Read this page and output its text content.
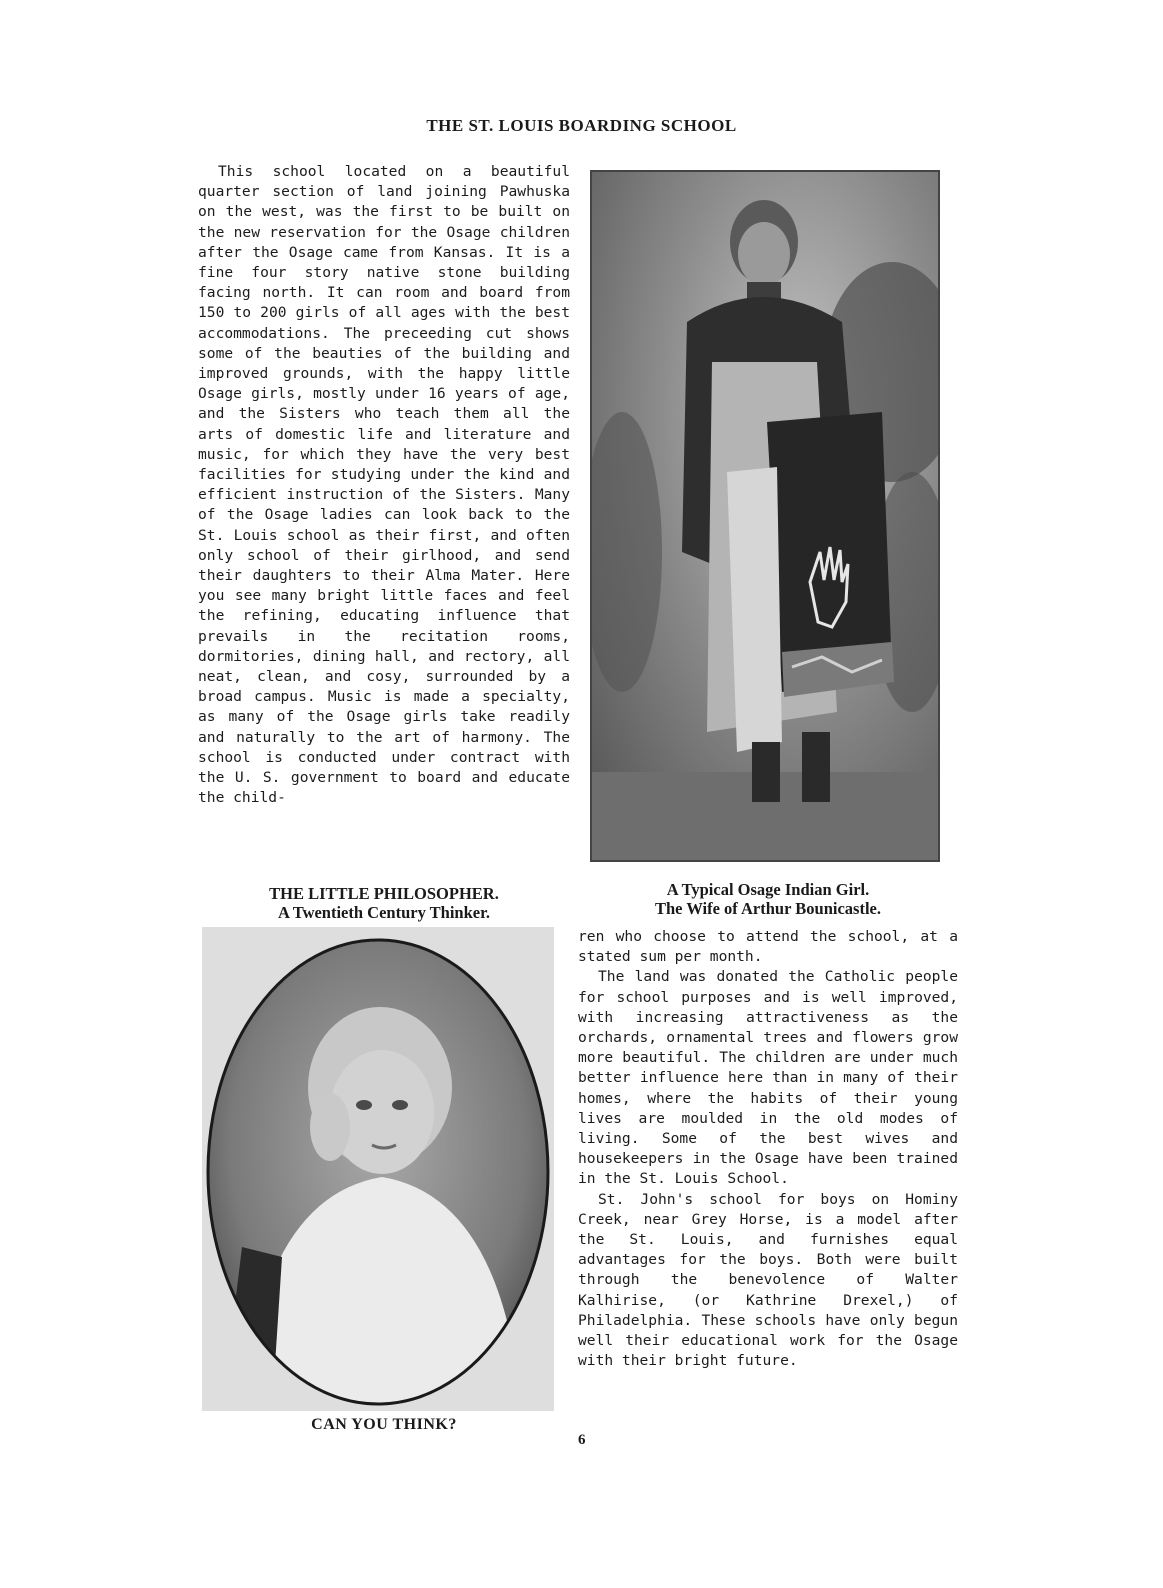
THE ST. LOUIS BOARDING SCHOOL

This school located on a beautiful quarter section of land joining Pawhuska on the west, was the first to be built on the new reservation for the Osage children after the Osage came from Kansas. It is a fine four story native stone building facing north. It can room and board from 150 to 200 girls of all ages with the best accommodations. The preceeding cut shows some of the beauties of the building and improved grounds, with the happy little Osage girls, mostly under 16 years of age, and the Sisters who teach them all the arts of domestic life and literature and music, for which they have the very best facilities for studying under the kind and efficient instruction of the Sisters. Many of the Osage ladies can look back to the St. Louis school as their first, and often only school of their girlhood, and send their daughters to their Alma Mater. Here you see many bright little faces and feel the refining, educating influence that prevails in the recitation rooms, dormitories, dining hall, and rectory, all neat, clean, and cosy, surrounded by a broad campus. Music is made a specialty, as many of the Osage girls take readily and naturally to the art of harmony. The school is conducted under contract with the U. S. government to board and educate the child-

A Typical Osage Indian Girl.
The Wife of Arthur Bounicastle.
THE LITTLE PHILOSOPHER.
A Twentieth Century Thinker.
CAN YOU THINK?

ren who choose to attend the school, at a stated sum per month.

The land was donated the Catholic people for school purposes and is well improved, with increasing attractiveness as the orchards, ornamental trees and flowers grow more beautiful. The children are under much better influence here than in many of their homes, where the habits of their young lives are moulded in the old modes of living. Some of the best wives and housekeepers in the Osage have been trained in the St. Louis School.

St. John's school for boys on Hominy Creek, near Grey Horse, is a model after the St. Louis, and furnishes equal advantages for the boys. Both were built through the benevolence of Walter Kalhirise, (or Kathrine Drexel,) of Philadelphia. These schools have only begun well their educational work for the Osage with their bright future.

6
